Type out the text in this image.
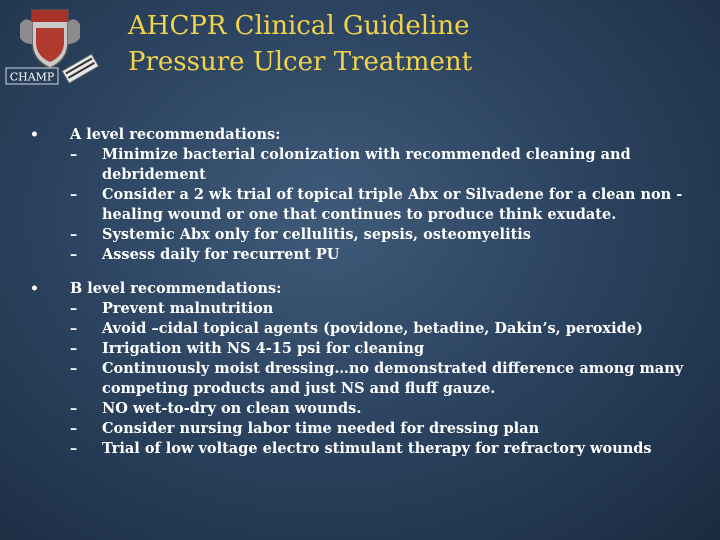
CHAMP
AHCPR Clinical Guideline
Pressure Ulcer Treatment
•	A level recommendations:
–	Minimize bacterial colonization with recommended cleaning and debridement
–	Consider a 2 wk trial of topical triple Abx or Silvadene for a clean non -healing wound or one that continues to produce think exudate.
–	Systemic Abx only for cellulitis, sepsis, osteomyelitis
–	Assess daily for recurrent PU
•	B level recommendations:
–	Prevent malnutrition
–	Avoid –cidal topical agents (povidone, betadine, Dakin’s, peroxide)
–	Irrigation with NS 4-15 psi for cleaning
–	Continuously moist dressing…no demonstrated difference among many competing products and just NS and fluff gauze.
–	NO wet-to-dry on clean wounds.
–	Consider nursing labor time needed for dressing plan
–	Trial of low voltage electro stimulant therapy for refractory wounds
